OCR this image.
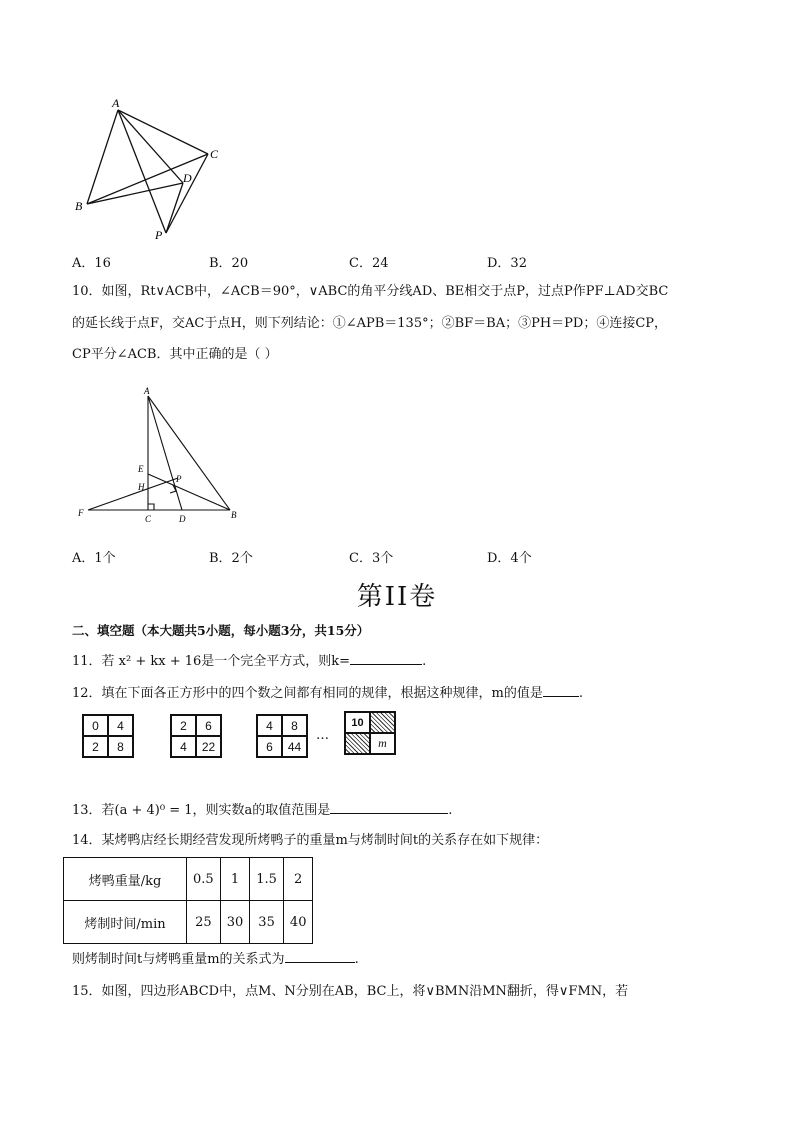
A
B
C
D
P
A．16	B．20	C．24	D．32
10．如图，Rt∨ACB中，∠ACB＝90°，∨ABC的角平分线AD、BE相交于点P，过点P作PF⊥AD交BC
的延长线于点F，交AC于点H，则下列结论：①∠APB＝135°；②BF＝BA；③PH＝PD；④连接CP，
CP平分∠ACB．其中正确的是（ ）
A
E
H
P
F
C	D	B
A．1个	B．2个	C．3个	D．4个
第II卷
二、填空题（本大题共5小题，每小题3分，共15分）
11．若 x² + kx + 16是一个完全平方式，则k=	.
12．填在下面各正方形中的四个数之间都有相同的规律，根据这种规律，m的值是	.
0	4
2	8
2	6
4	22
4	8
6	44
…
10
m
13．若(a + 4)⁰ = 1，则实数a的取值范围是	.
14．某烤鸭店经长期经营发现所烤鸭子的重量m与烤制时间t的关系存在如下规律：
烤鸭重量/kg	0.5	1	1.5	2
烤制时间/min	25	30	35	40
则烤制时间t与烤鸭重量m的关系式为	.
15．如图，四边形ABCD中，点M、N分别在AB，BC上，将∨BMN沿MN翻折，得∨FMN，若
